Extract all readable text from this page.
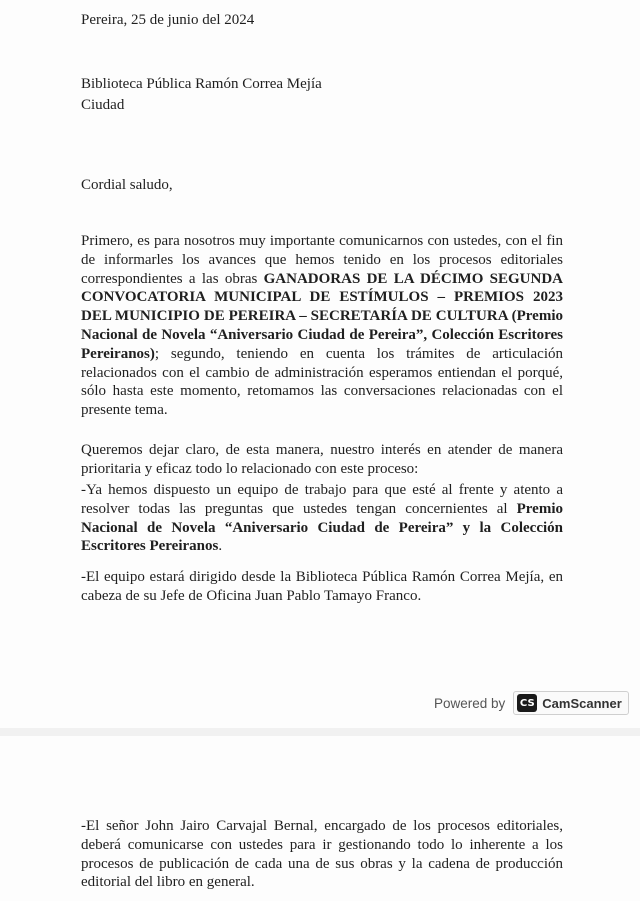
Pereira, 25 de junio del 2024
Biblioteca Pública Ramón Correa Mejía
Ciudad
Cordial saludo,

Primero, es para nosotros muy importante comunicarnos con ustedes, con el fin de informarles los avances que hemos tenido en los procesos editoriales correspondientes a las obras GANADORAS DE LA DÉCIMO SEGUNDA CONVOCATORIA MUNICIPAL DE ESTÍMULOS – PREMIOS 2023 DEL MUNICIPIO DE PEREIRA – SECRETARÍA DE CULTURA (Premio Nacional de Novela “Aniversario Ciudad de Pereira”, Colección Escritores Pereiranos); segundo, teniendo en cuenta los trámites de articulación relacionados con el cambio de administración esperamos entiendan el porqué, sólo hasta este momento, retomamos las conversaciones relacionadas con el presente tema.

Queremos dejar claro, de esta manera, nuestro interés en atender de manera prioritaria y eficaz todo lo relacionado con este proceso:

-Ya hemos dispuesto un equipo de trabajo para que esté al frente y atento a resolver todas las preguntas que ustedes tengan concernientes al Premio Nacional de Novela “Aniversario Ciudad de Pereira” y la Colección Escritores Pereiranos.

-El equipo estará dirigido desde la Biblioteca Pública Ramón Correa Mejía, en cabeza de su Jefe de Oficina Juan Pablo Tamayo Franco.

Powered by CS CamScanner

-El señor John Jairo Carvajal Bernal, encargado de los procesos editoriales, deberá comunicarse con ustedes para ir gestionando todo lo inherente a los procesos de publicación de cada una de sus obras y la cadena de producción editorial del libro en general.
